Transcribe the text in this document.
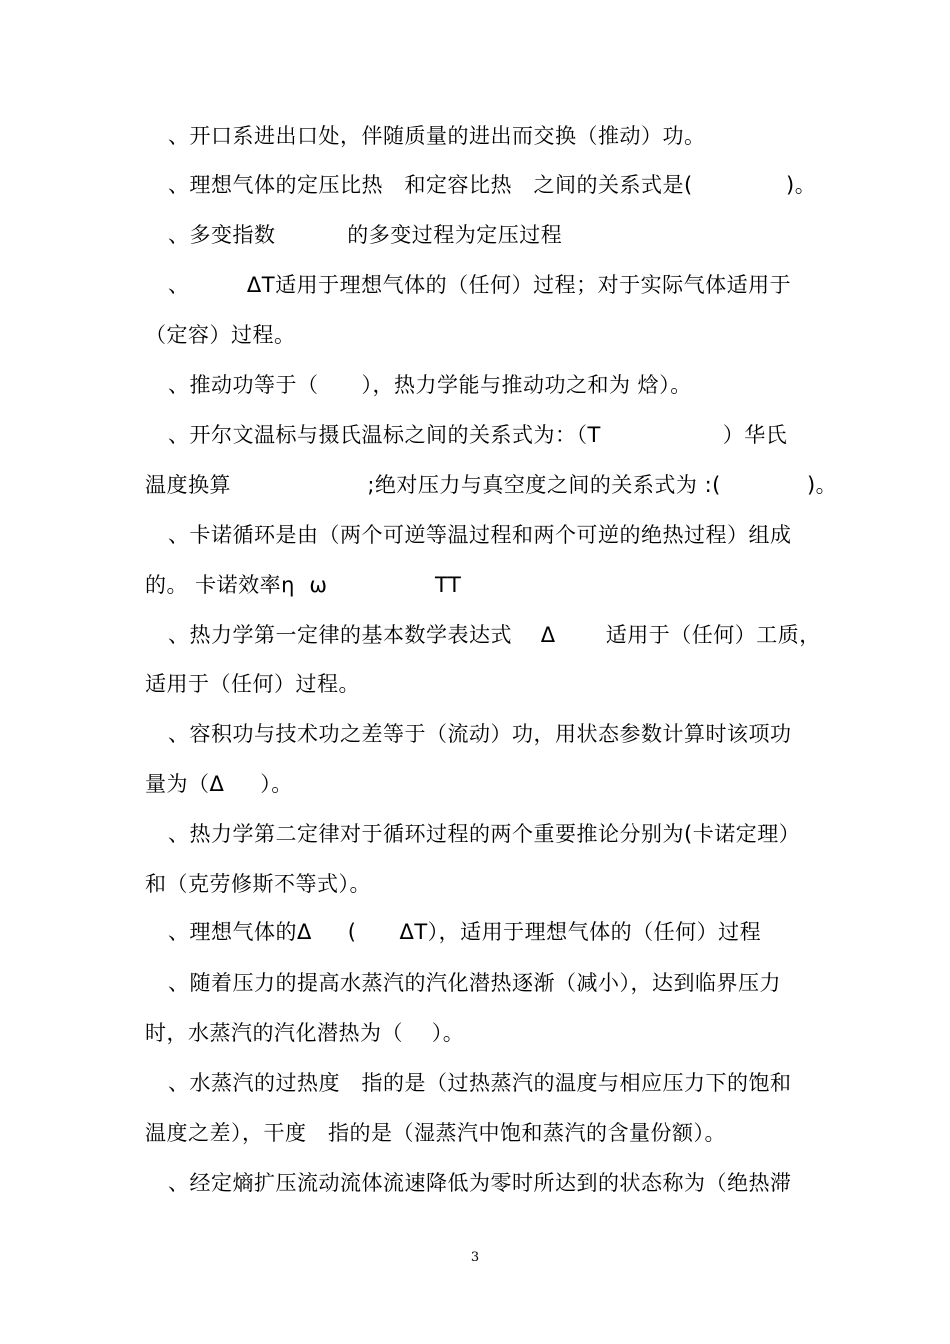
、开口系进出口处，伴随质量的进出而交换（推动）功。

、理想气体的定压比热   和定容比热   之间的关系式是(             )。

、多变指数          的多变过程为定压过程

、        ΔT适用于理想气体的（任何）过程；对于实际气体适用于

（定容）过程。

、推动功等于（      ），热力学能与推动功之和为 焓）。

、开尔文温标与摄氏温标之间的关系式为：（T                 ）华氏

温度换算                   ;绝对压力与真空度之间的关系式为 :(            )。

、卡诺循环是由（两个可逆等温过程和两个可逆的绝热过程）组成

的。 卡诺效率η  ω               TT

、热力学第一定律的基本数学表达式    Δ       适用于（任何）工质，

适用于（任何）过程。

、容积功与技术功之差等于（流动）功，用状态参数计算时该项功

量为（Δ     ）。

、热力学第二定律对于循环过程的两个重要推论分别为(卡诺定理）

和（克劳修斯不等式）。

、理想气体的Δ     (      ΔT），适用于理想气体的（任何）过程

、随着压力的提高水蒸汽的汽化潜热逐渐（减小），达到临界压力

时，水蒸汽的汽化潜热为（    ）。

、水蒸汽的过热度   指的是（过热蒸汽的温度与相应压力下的饱和

温度之差），干度   指的是（湿蒸汽中饱和蒸汽的含量份额）。

、经定熵扩压流动流体流速降低为零时所达到的状态称为（绝热滞

3
